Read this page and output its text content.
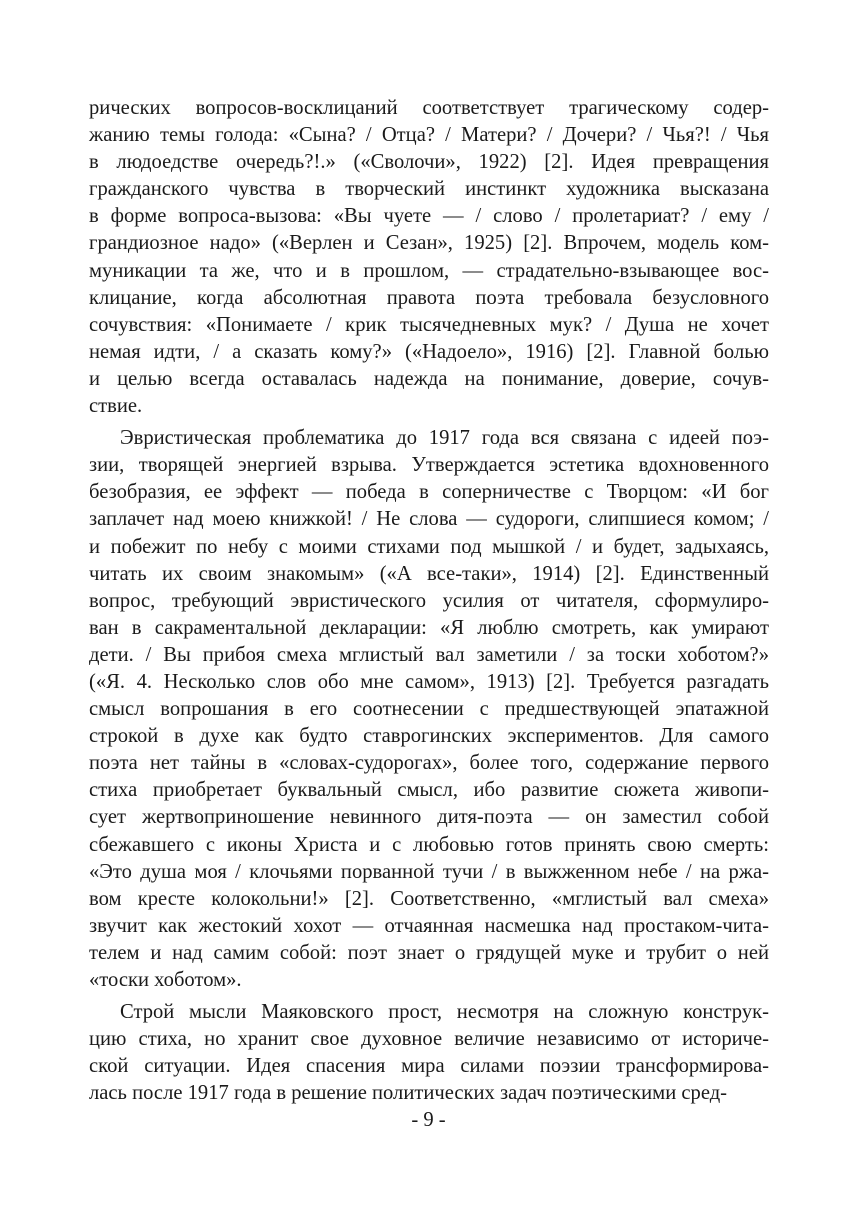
рических вопросов-восклицаний соответствует трагическому содер-
жанию темы голода: «Сына? / Отца? / Матери? / Дочери? / Чья?! / Чья
в людоедстве очередь?!.» («Сволочи», 1922) [2]. Идея превращения
гражданского чувства в творческий инстинкт художника высказана
в форме вопроса-вызова: «Вы чуете — / слово / пролетариат? / ему /
грандиозное надо» («Верлен и Сезан», 1925) [2]. Впрочем, модель ком-
муникации та же, что и в прошлом, — страдательно-взывающее вос-
клицание, когда абсолютная правота поэта требовала безусловного
сочувствия: «Понимаете / крик тысячедневных мук? / Душа не хочет
немая идти, / а сказать кому?» («Надоело», 1916) [2]. Главной болью
и целью всегда оставалась надежда на понимание, доверие, сочув-
ствие.
Эвристическая проблематика до 1917 года вся связана с идеей поэ-
зии, творящей энергией взрыва. Утверждается эстетика вдохновенного
безобразия, ее эффект — победа в соперничестве с Творцом: «И бог
заплачет над моею книжкой! / Не слова — судороги, слипшиеся комом; /
и побежит по небу с моими стихами под мышкой / и будет, задыхаясь,
читать их своим знакомым» («А все-таки», 1914) [2]. Единственный
вопрос, требующий эвристического усилия от читателя, сформулиро-
ван в сакраментальной декларации: «Я люблю смотреть, как умирают
дети. / Вы прибоя смеха мглистый вал заметили / за тоски хоботом?»
(«Я. 4. Несколько слов обо мне самом», 1913) [2]. Требуется разгадать
смысл вопрошания в его соотнесении с предшествующей эпатажной
строкой в духе как будто ставрогинских экспериментов. Для самого
поэта нет тайны в «словах-судорогах», более того, содержание первого
стиха приобретает буквальный смысл, ибо развитие сюжета живопи-
сует жертвоприношение невинного дитя-поэта — он заместил собой
сбежавшего с иконы Христа и с любовью готов принять свою смерть:
«Это душа моя / клочьями порванной тучи / в выжженном небе / на ржа-
вом кресте колокольни!» [2]. Соответственно, «мглистый вал смеха»
звучит как жестокий хохот — отчаянная насмешка над простаком-чита-
телем и над самим собой: поэт знает о грядущей муке и трубит о ней
«тоски хоботом».
Строй мысли Маяковского прост, несмотря на сложную конструк-
цию стиха, но хранит свое духовное величие независимо от историче-
ской ситуации. Идея спасения мира силами поэзии трансформирова-
лась после 1917 года в решение политических задач поэтическими сред-
- 9 -
